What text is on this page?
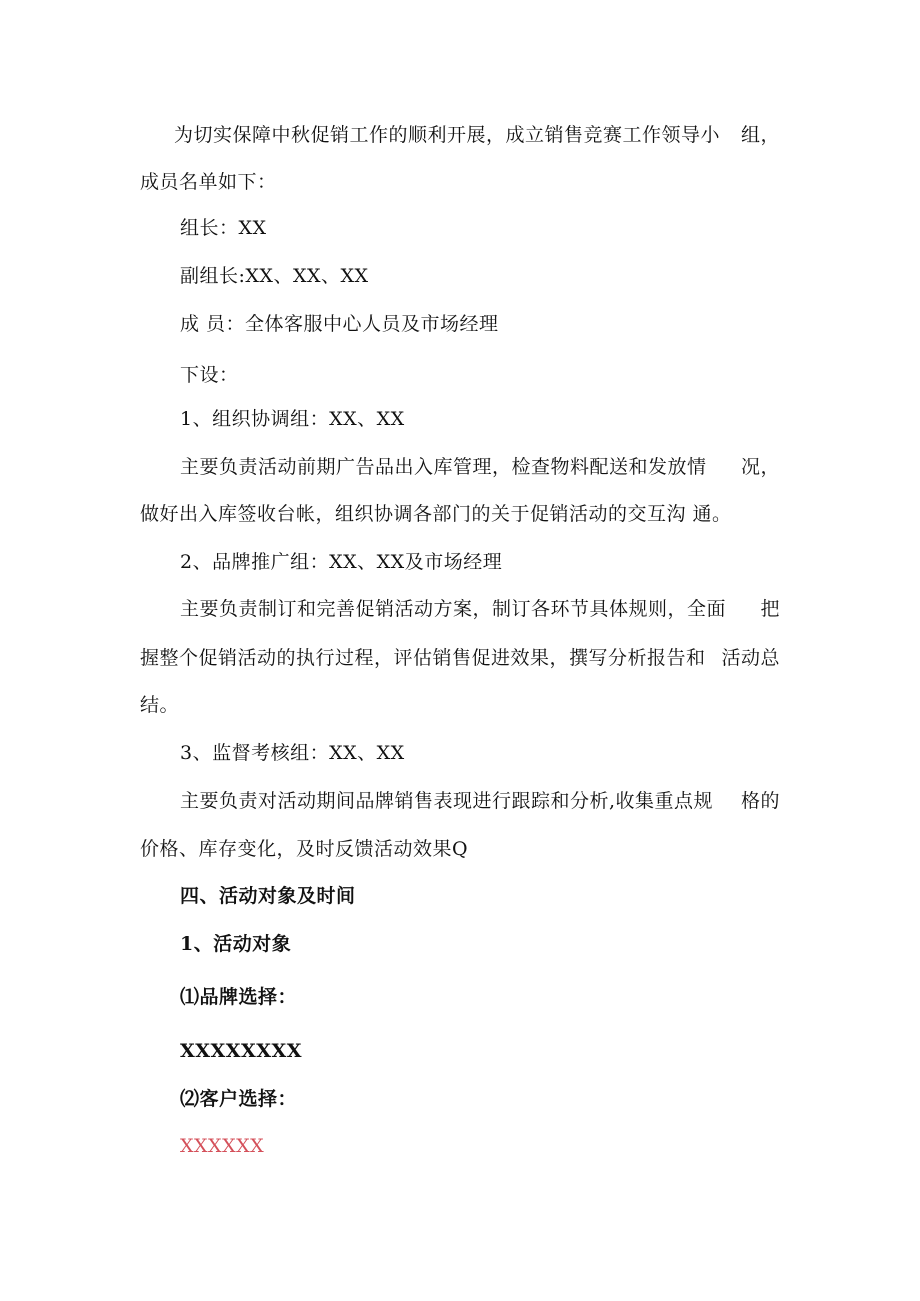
为切实保障中秋促销工作的顺利开展，成立销售竞赛工作领导小 组，
成员名单如下：
组长：XX
副组长:XX、XX、XX
成 员：全体客服中心人员及市场经理
下设：
1、组织协调组：XX、XX
主要负责活动前期广告品出入库管理，检查物料配送和发放情 况，
做好出入库签收台帐，组织协调各部门的关于促销活动的交互沟 通。
2、品牌推广组：XX、XX及市场经理
主要负责制订和完善促销活动方案，制订各环节具体规则，全面 把
握整个促销活动的执行过程，评估销售促进效果，撰写分析报告和 活动总
结。
3、监督考核组：XX、XX
主要负责对活动期间品牌销售表现进行跟踪和分析,收集重点规 格的
价格、库存变化，及时反馈活动效果Q
四、活动对象及时间
1、活动对象
⑴品牌选择：
XXXXXXXX
⑵客户选择：
XXXXXX
